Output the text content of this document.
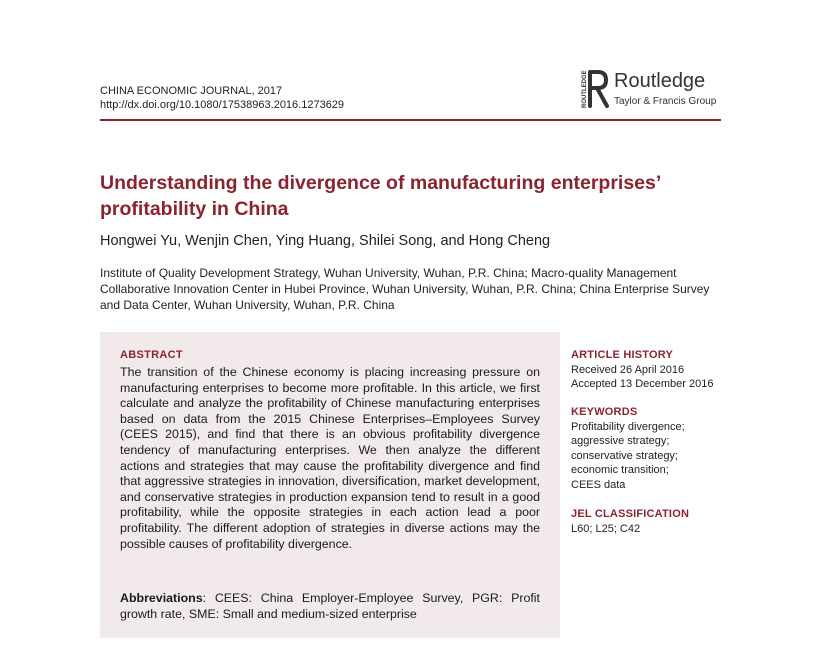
CHINA ECONOMIC JOURNAL, 2017
http://dx.doi.org/10.1080/17538963.2016.1273629	ROUTLEDGE Routledge
Taylor & Francis Group
Understanding the divergence of manufacturing enterprises’ profitability in China
Hongwei Yu, Wenjin Chen, Ying Huang, Shilei Song, and Hong Cheng
Institute of Quality Development Strategy, Wuhan University, Wuhan, P.R. China; Macro-quality Management Collaborative Innovation Center in Hubei Province, Wuhan University, Wuhan, P.R. China; China Enterprise Survey and Data Center, Wuhan University, Wuhan, P.R. China
ABSTRACT

The transition of the Chinese economy is placing increasing pressure on manufacturing enterprises to become more profitable. In this article, we first calculate and analyze the profitability of Chinese manufacturing enterprises based on data from the 2015 Chinese Enterprises–Employees Survey (CEES 2015), and find that there is an obvious profitability divergence tendency of manufacturing enterprises. We then analyze the different actions and strategies that may cause the profitability divergence and find that aggressive strategies in innovation, diversification, market development, and conservative strategies in production expansion tend to result in a good profitability, while the opposite strategies in each action lead a poor profitability. The different adoption of strategies in diverse actions may the possible causes of profitability divergence.

Abbreviations: CEES: China Employer-Employee Survey, PGR: Profit growth rate, SME: Small and medium-sized enterprise

ARTICLE HISTORY
Received 26 April 2016
Accepted 13 December 2016
KEYWORDS
Profitability divergence;
aggressive strategy;
conservative strategy;
economic transition;
CEES data
JEL CLASSIFICATION
L60; L25; C42
